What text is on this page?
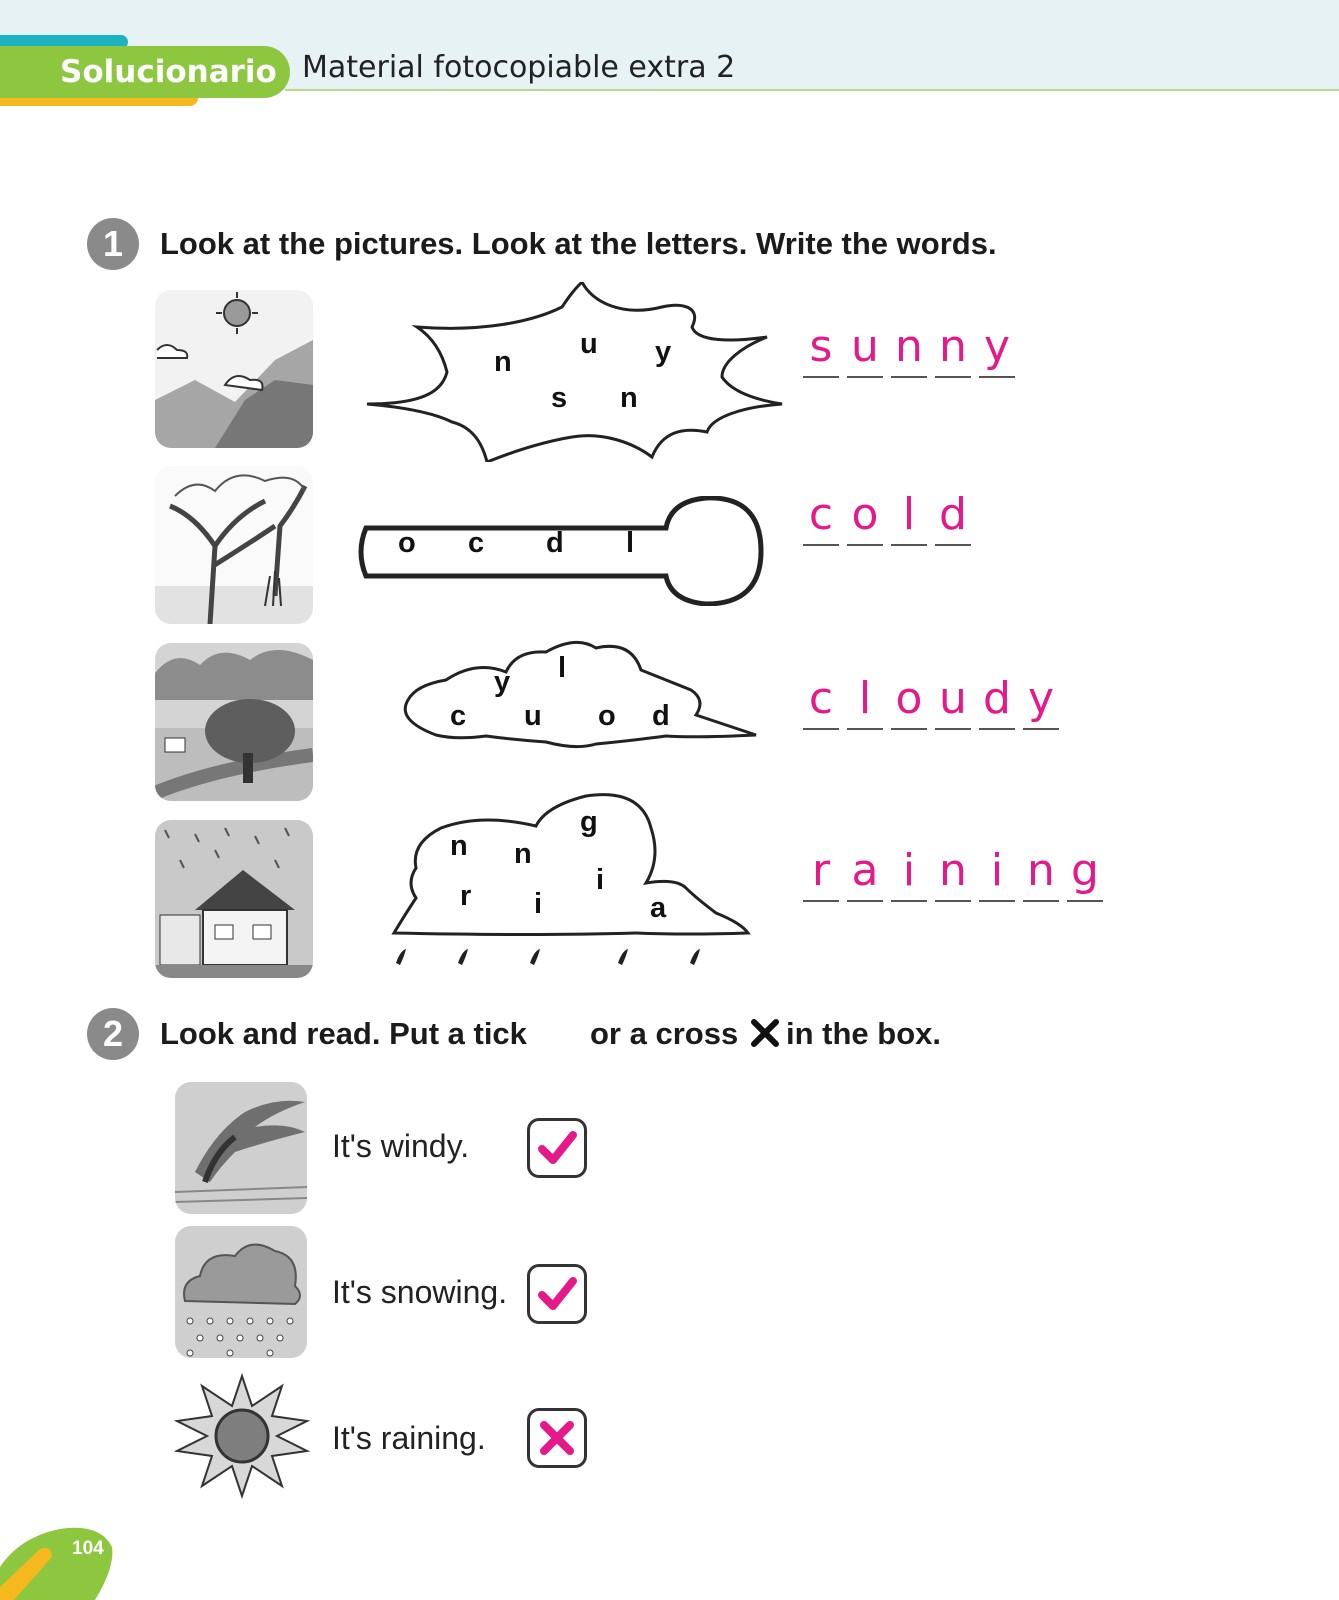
Solucionario Material fotocopiable extra 2
1	Look at the pictures. Look at the letters. Write the words.
n
u y
s n
s u n n y
o c d l
c o l d
y l
c u o d	c l o u d y
g
n n
i
r i	a
r a i n i n g
2	Look and read. Put a tick or a cross in the box.
It's windy.
It's snowing.
It's raining.
104
